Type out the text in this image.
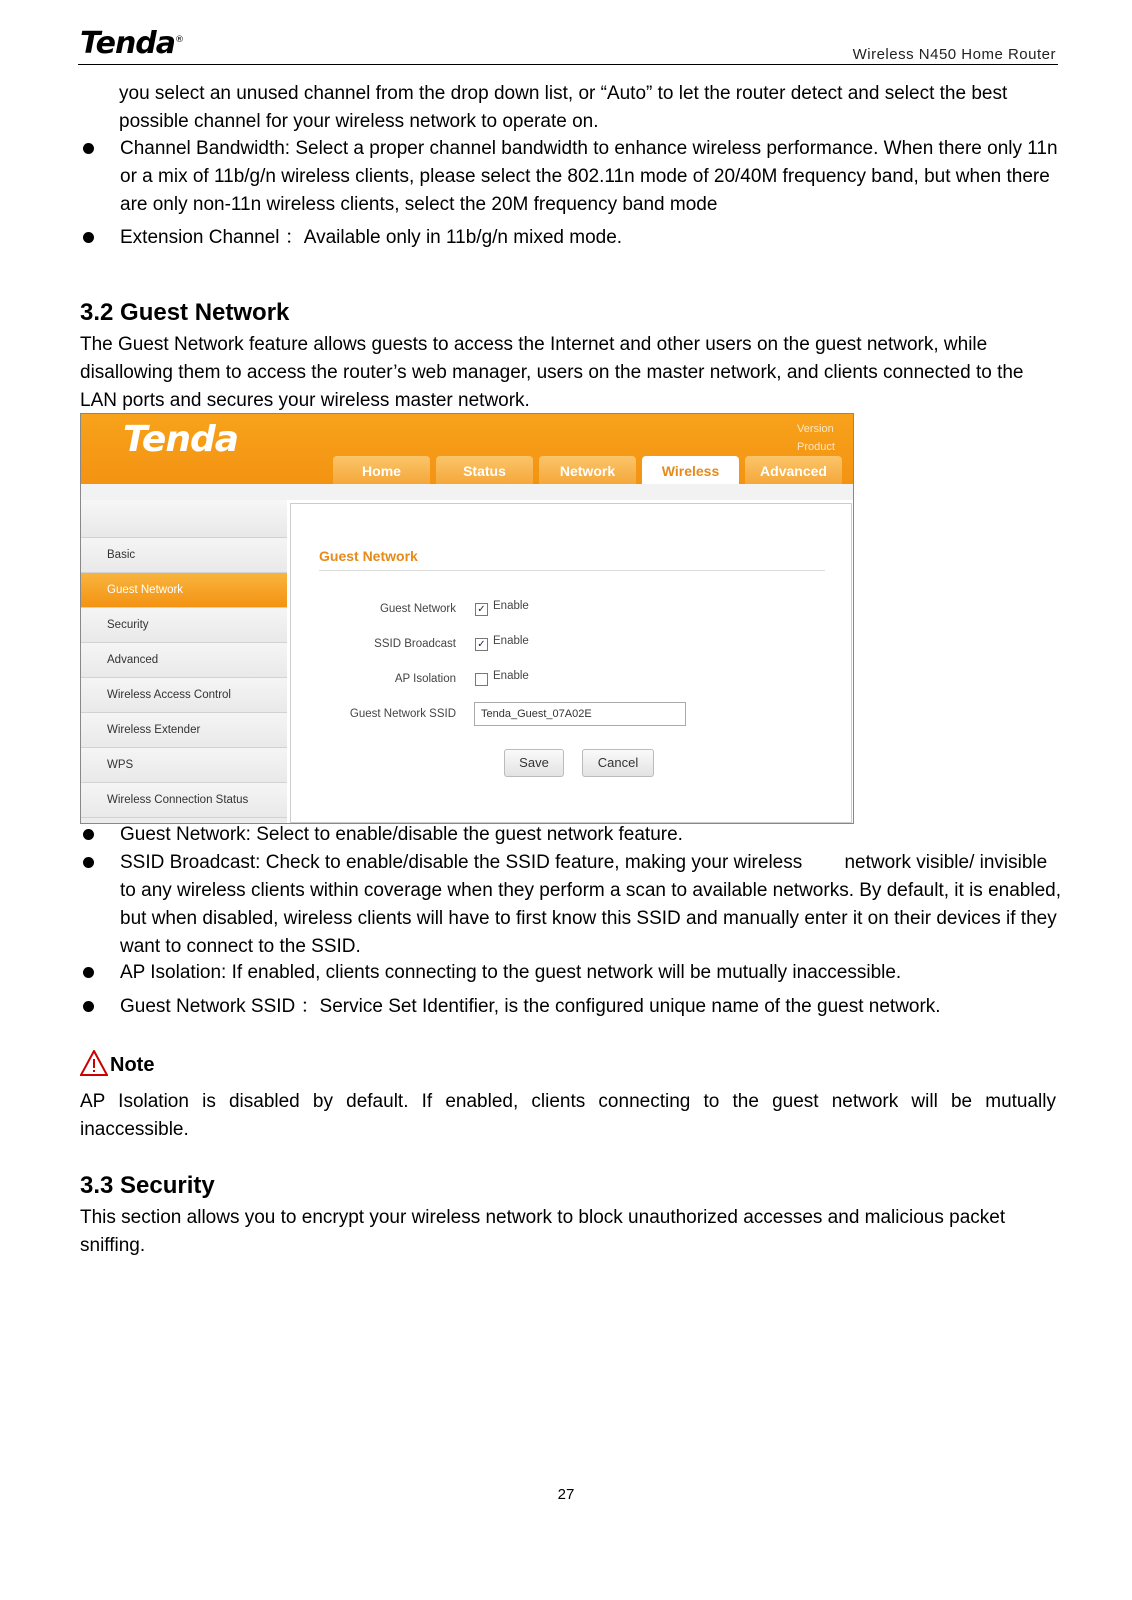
Tenda®
Wireless N450 Home Router
you select an unused channel from the drop down list, or “Auto” to let the router detect and select the best possible channel for your wireless network to operate on.
Channel Bandwidth: Select a proper channel bandwidth to enhance wireless performance. When there only 11n or a mix of 11b/g/n wireless clients, please select the 802.11n mode of 20/40M frequency band, but when there are only non-11n wireless clients, select the 20M frequency band mode
Extension Channel ：Available only in 11b/g/n mixed mode.
3.2 Guest Network
The Guest Network feature allows guests to access the Internet and other users on the guest network, while disallowing them to access the router’s web manager, users on the master network, and clients connected to the LAN ports and secures your wireless master network.
Tenda	Version
Product
Home	Status	Network	Wireless	Advanced
Basic
Guest Network
Security
Advanced
Wireless Access Control
Wireless Extender
WPS
Wireless Connection Status
Guest Network
Guest Network ✓ Enable
SSID Broadcast ✓ Enable
AP Isolation	Enable
Guest Network SSID
Tenda_Guest_07A02E
Save	Cancel
Guest Network: Select to enable/disable the guest network feature.
SSID Broadcast: Check to enable/disable the SSID feature, making your wireless        network visible/ invisible to any wireless clients within coverage when they perform a scan to available networks. By default, it is enabled, but when disabled, wireless clients will have to first know this SSID and manually enter it on their devices if they want to connect to the SSID.
AP Isolation: If enabled, clients connecting to the guest network will be mutually inaccessible.
Guest Network SSID ：Service Set Identifier, is the configured unique name of the guest network.
Note
AP Isolation is disabled by default. If enabled, clients connecting to the guest network will be mutually inaccessible.
3.3 Security
This section allows you to encrypt your wireless network to block unauthorized accesses and malicious packet sniffing.
27
